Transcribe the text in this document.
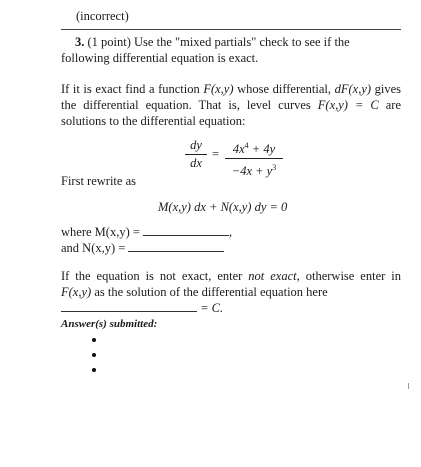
(incorrect)
3. (1 point) Use the "mixed partials" check to see if the following differential equation is exact.
If it is exact find a function F(x,y) whose differential, dF(x,y) gives the differential equation. That is, level curves F(x,y) = C are solutions to the differential equation:
dy
dx
=	$4x^4 + 4y$
$-4x + y^3$
First rewrite as
M(x,y) dx + N(x,y) dy = 0
where M(x,y) =	,
and N(x,y) =
If the equation is not exact, enter not exact, otherwise enter in F(x,y) as the solution of the differential equation here
= C.
Answer(s) submitted:
